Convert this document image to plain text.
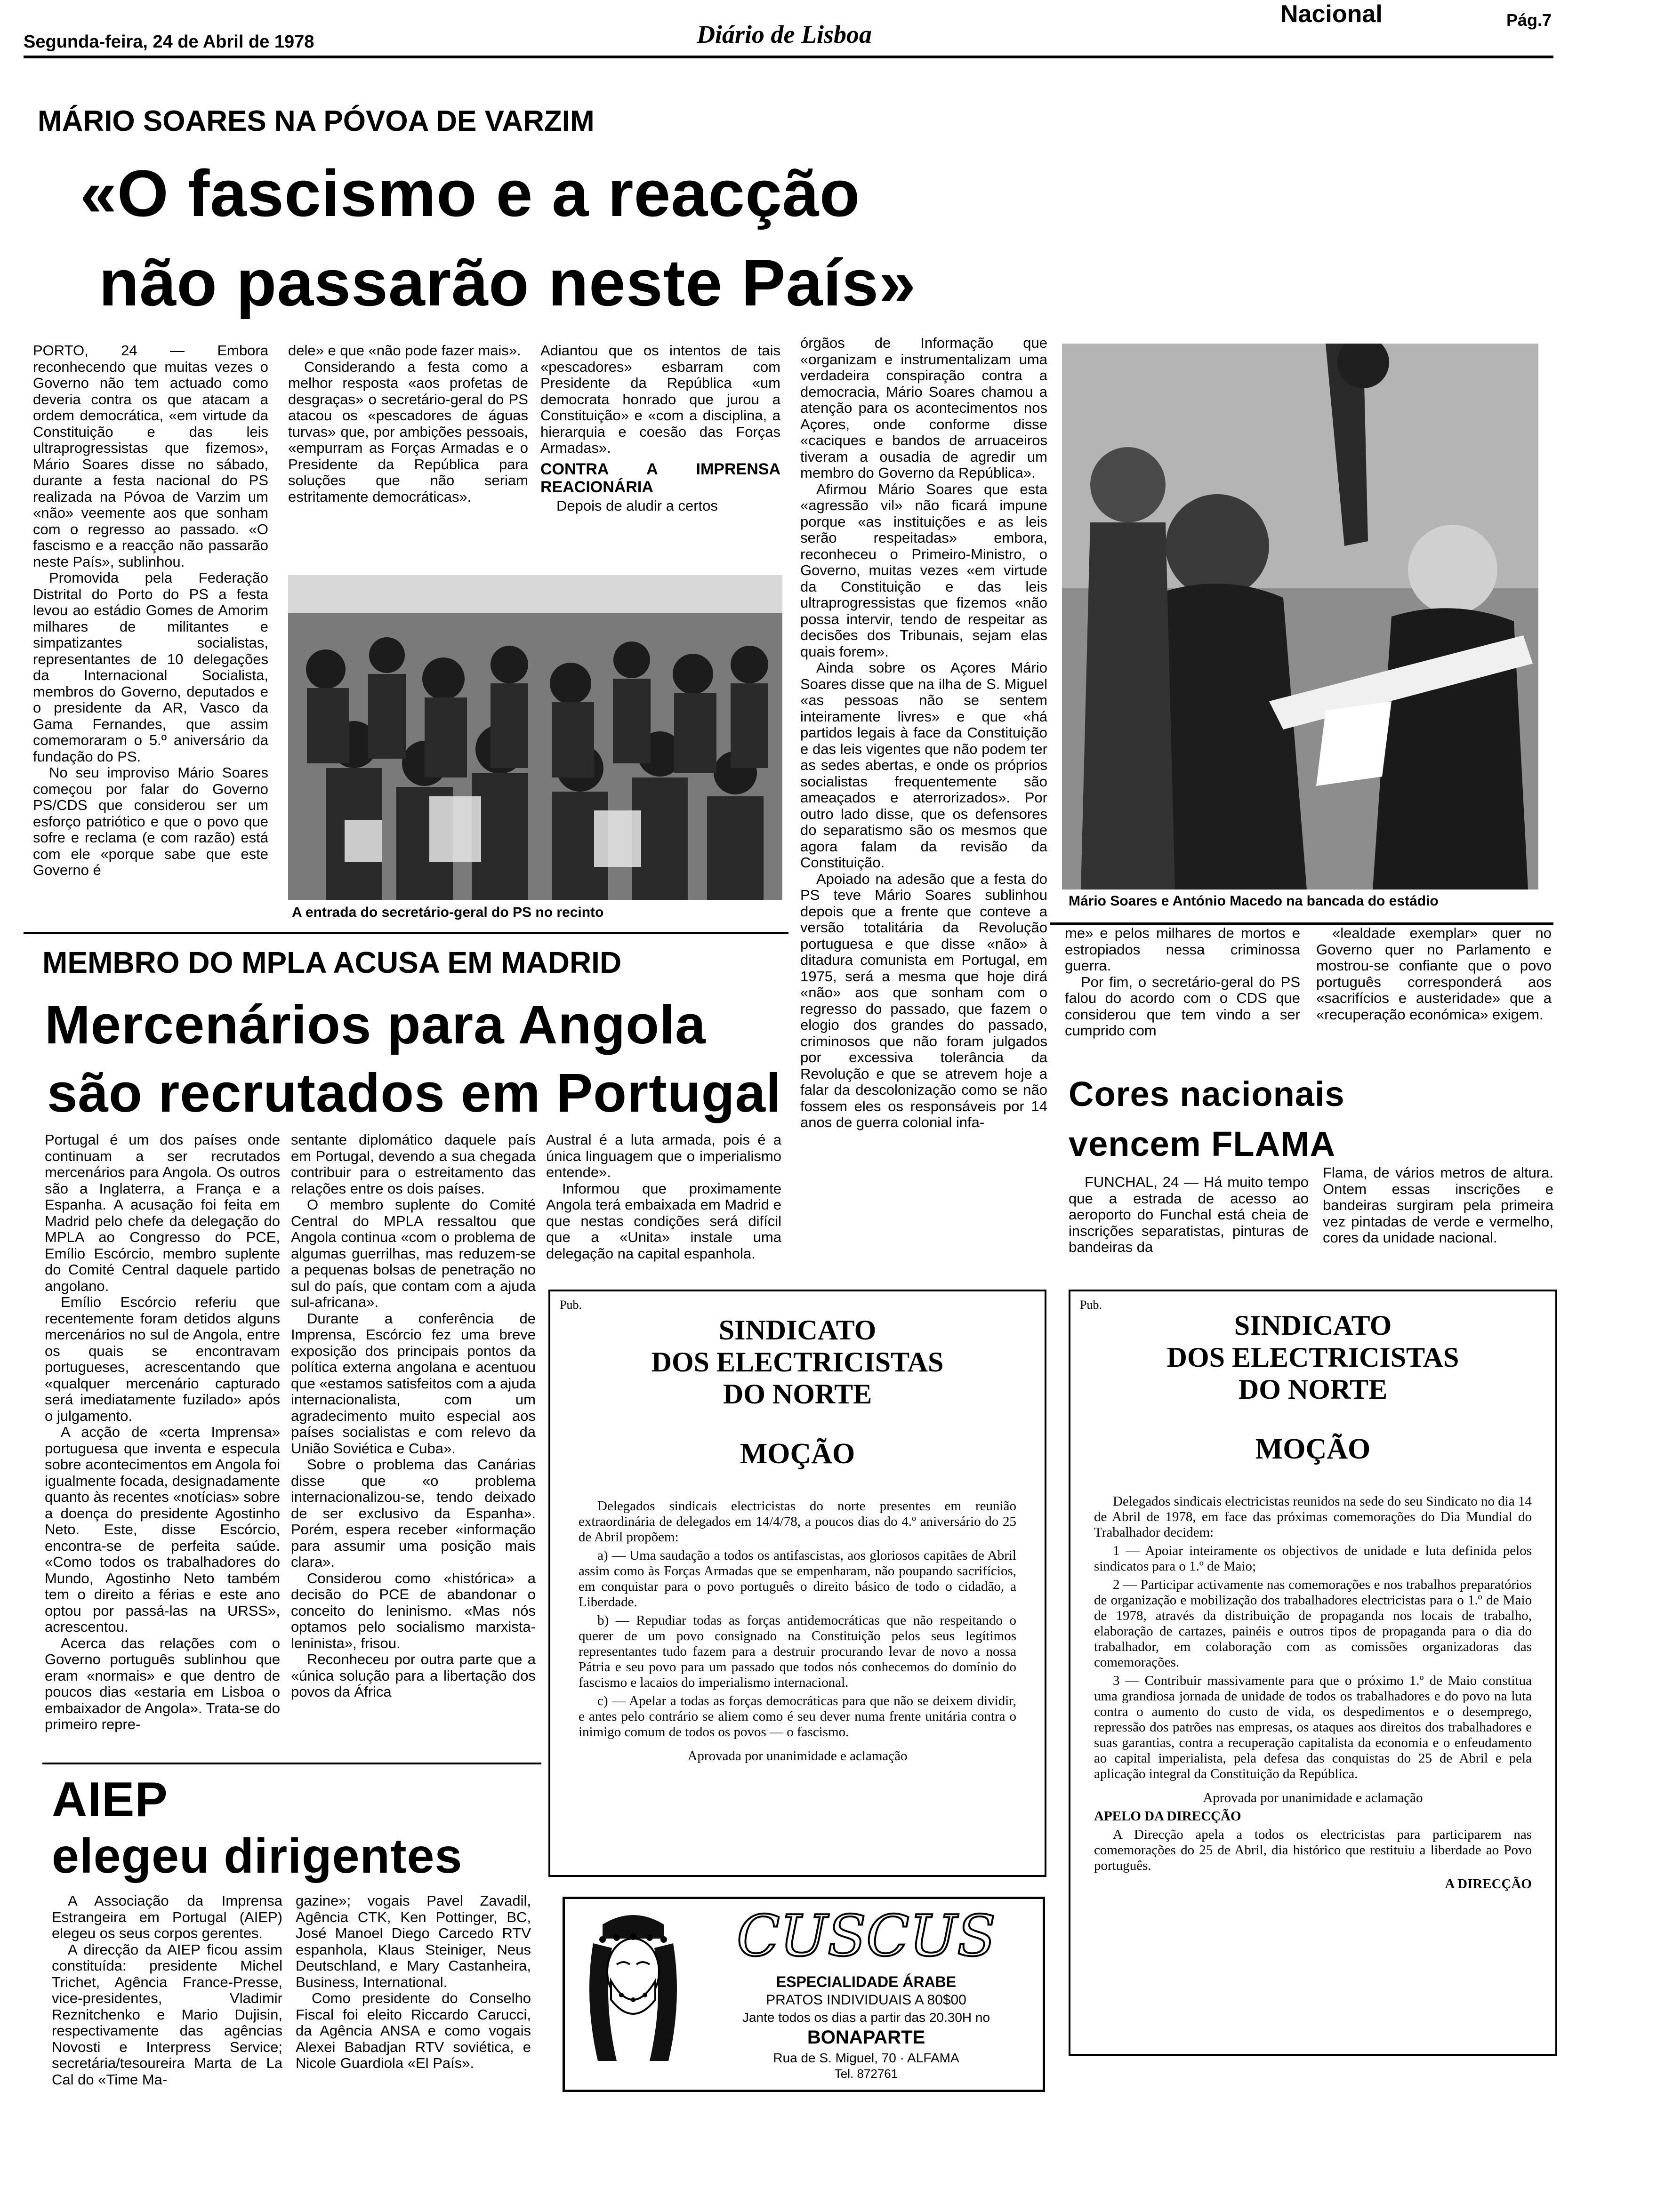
Segunda-feira, 24 de Abril de 1978	Diário de Lisboa
Nacional	Pág.7
MÁRIO SOARES NA PÓVOA DE VARZIM
«O fascismo e a reacção
não passarão neste País»

PORTO, 24 — Embora reconhecendo que muitas vezes o Governo não tem actuado como deveria contra os que atacam a ordem democrática, «em virtude da Constituição e das leis ultraprogressistas que fizemos», Mário Soares disse no sábado, durante a festa nacional do PS realizada na Póvoa de Varzim um «não» veemente aos que sonham com o regresso ao passado. «O fascismo e a reacção não passarão neste País», sublinhou.

Promovida pela Federação Distrital do Porto do PS a festa levou ao estádio Gomes de Amorim milhares de militantes e simpatizantes socialistas, representantes de 10 delegações da Internacional Socialista, membros do Governo, deputados e o presidente da AR, Vasco da Gama Fernandes, que assim comemoraram o 5.º aniversário da fundação do PS.

No seu improviso Mário Soares começou por falar do Governo PS/CDS que considerou ser um esforço patriótico e que o povo que sofre e reclama (e com razão) está com ele «porque sabe que este Governo é

dele» e que «não pode fazer mais».

Considerando a festa como a melhor resposta «aos profetas de desgraças» o secretário-geral do PS atacou os «pescadores de águas turvas» que, por ambições pessoais, «empurram as Forças Armadas e o Presidente da República para soluções que não seriam estritamente democráticas».

Adiantou que os intentos de tais «pescadores» esbarram com Presidente da República «um democrata honrado que jurou a Constituição» e «com a disciplina, a hierarquia e coesão das Forças Armadas».

CONTRA A IMPRENSA REACIONÁRIA

Depois de aludir a certos

A entrada do secretário-geral do PS no recinto

órgãos de Informação que «organizam e instrumentalizam uma verdadeira conspiração contra a democracia, Mário Soares chamou a atenção para os acontecimentos nos Açores, onde conforme disse «caciques e bandos de arruaceiros tiveram a ousadia de agredir um membro do Governo da República».

Afirmou Mário Soares que esta «agressão vil» não ficará impune porque «as instituições e as leis serão respeitadas» embora, reconheceu o Primeiro-Ministro, o Governo, muitas vezes «em virtude da Constituição e das leis ultraprogressistas que fizemos «não possa intervir, tendo de respeitar as decisões dos Tribunais, sejam elas quais forem».

Ainda sobre os Açores Mário Soares disse que na ilha de S. Miguel «as pessoas não se sentem inteiramente livres» e que «há partidos legais à face da Constituição e das leis vigentes que não podem ter as sedes abertas, e onde os próprios socialistas frequentemente são ameaçados e aterrorizados». Por outro lado disse, que os defensores do separatismo são os mesmos que agora falam da revisão da Constituição.

Apoiado na adesão que a festa do PS teve Mário Soares sublinhou depois que a frente que conteve a versão totalitária da Revolução portuguesa e que disse «não» à ditadura comunista em Portugal, em 1975, será a mesma que hoje dirá «não» aos que sonham com o regresso do passado, que fazem o elogio dos grandes do passado, criminosos que não foram julgados por excessiva tolerância da Revolução e que se atrevem hoje a falar da descolonização como se não fossem eles os responsáveis por 14 anos de guerra colonial infa-

Mário Soares e António Macedo na bancada do estádio

me» e pelos milhares de mortos e estropiados nessa criminossa guerra.

Por fim, o secretário-geral do PS falou do acordo com o CDS que considerou que tem vindo a ser cumprido com

«lealdade exemplar» quer no Governo quer no Parlamento e mostrou-se confiante que o povo português corresponderá aos «sacrifícios e austeridade» que a «recuperação económica» exigem.

MEMBRO DO MPLA ACUSA EM MADRID
Mercenários para Angola
são recrutados em Portugal

Portugal é um dos países onde continuam a ser recrutados mercenários para Angola. Os outros são a Inglaterra, a França e a Espanha. A acusação foi feita em Madrid pelo chefe da delegação do MPLA ao Congresso do PCE, Emílio Escórcio, membro suplente do Comité Central daquele partido angolano.

Emílio Escórcio referiu que recentemente foram detidos alguns mercenários no sul de Angola, entre os quais se encontravam portugueses, acrescentando que «qualquer mercenário capturado será imediatamente fuzilado» após o julgamento.

A acção de «certa Imprensa» portuguesa que inventa e especula sobre acontecimentos em Angola foi igualmente focada, designadamente quanto às recentes «notícias» sobre a doença do presidente Agostinho Neto. Este, disse Escórcio, encontra-se de perfeita saúde. «Como todos os trabalhadores do Mundo, Agostinho Neto também tem o direito a férias e este ano optou por passá-las na URSS», acrescentou.

Acerca das relações com o Governo português sublinhou que eram «normais» e que dentro de poucos dias «estaria em Lisboa o embaixador de Angola». Trata-se do primeiro repre-

sentante diplomático daquele país em Portugal, devendo a sua chegada contribuir para o estreitamento das relações entre os dois países.

O membro suplente do Comité Central do MPLA ressaltou que Angola continua «com o problema de algumas guerrilhas, mas reduzem-se a pequenas bolsas de penetração no sul do país, que contam com a ajuda sul-africana».

Durante a conferência de Imprensa, Escórcio fez uma breve exposição dos principais pontos da política externa angolana e acentuou que «estamos satisfeitos com a ajuda internacionalista, com um agradecimento muito especial aos países socialistas e com relevo da União Soviética e Cuba».

Sobre o problema das Canárias disse que «o problema internacionalizou-se, tendo deixado de ser exclusivo da Espanha». Porém, espera receber «informação para assumir uma posição mais clara».

Considerou como «histórica» a decisão do PCE de abandonar o conceito do leninismo. «Mas nós optamos pelo socialismo marxista-leninista», frisou.

Reconheceu por outra parte que a «única solução para a libertação dos povos da África

Austral é a luta armada, pois é a única linguagem que o imperialismo entende».

Informou que proximamente Angola terá embaixada em Madrid e que nestas condições será difícil que a «Unita» instale uma delegação na capital espanhola.

Cores nacionais
vencem FLAMA

FUNCHAL, 24 — Há muito tempo que a estrada de acesso ao aeroporto do Funchal está cheia de inscrições separatistas, pinturas de bandeiras da

Flama, de vários metros de altura. Ontem essas inscrições e bandeiras surgiram pela primeira vez pintadas de verde e vermelho, cores da unidade nacional.

AIEP
elegeu dirigentes

A Associação da Imprensa Estrangeira em Portugal (AIEP) elegeu os seus corpos gerentes.

A direcção da AIEP ficou assim constituída: presidente Michel Trichet, Agência France-Presse, vice-presidentes, Vladimir Reznitchenko e Mario Dujisin, respectivamente das agências Novosti e Interpress Service; secretária/tesoureira Marta de La Cal do «Time Ma-

gazine»; vogais Pavel Zavadil, Agência CTK, Ken Pottinger, BC, José Manoel Diego Carcedo RTV espanhola, Klaus Steiniger, Neus Deutschland, e Mary Castanheira, Business, International.

Como presidente do Conselho Fiscal foi eleito Riccardo Carucci, da Agência ANSA e como vogais Alexei Babadjan RTV soviética, e Nicole Guardiola «El País».

Pub.
SINDICATO
DOS ELECTRICISTAS
DO NORTE
MOÇÃO

Delegados sindicais electricistas do norte presentes em reunião extraordinária de delegados em 14/4/78, a poucos dias do 4.º aniversário do 25 de Abril propõem:

a) — Uma saudação a todos os antifascistas, aos gloriosos capitães de Abril assim como às Forças Armadas que se empenharam, não poupando sacrifícios, em conquistar para o povo português o direito básico de todo o cidadão, a Liberdade.

b) — Repudiar todas as forças antidemocráticas que não respeitando o querer de um povo consignado na Constituição pelos seus legítimos representantes tudo fazem para a destruir procurando levar de novo a nossa Pátria e seu povo para um passado que todos nós conhecemos do domínio do fascismo e lacaios do imperialismo internacional.

c) — Apelar a todas as forças democráticas para que não se deixem dividir, e antes pelo contrário se aliem como é seu dever numa frente unitária contra o inimigo comum de todos os povos — o fascismo.

Aprovada por unanimidade e aclamação

Pub.
SINDICATO
DOS ELECTRICISTAS
DO NORTE
MOÇÃO

Delegados sindicais electricistas reunidos na sede do seu Sindicato no dia 14 de Abril de 1978, em face das próximas comemorações do Dia Mundial do Trabalhador decidem:

1 — Apoiar inteiramente os objectivos de unidade e luta definida pelos sindicatos para o 1.º de Maio;

2 — Participar activamente nas comemorações e nos trabalhos preparatórios de organização e mobilização dos trabalhadores electricistas para o 1.º de Maio de 1978, através da distribuição de propaganda nos locais de trabalho, elaboração de cartazes, painéis e outros tipos de propaganda para o dia do trabalhador, em colaboração com as comissões organizadoras das comemorações.

3 — Contribuir massivamente para que o próximo 1.º de Maio constitua uma grandiosa jornada de unidade de todos os trabalhadores e do povo na luta contra o aumento do custo de vida, os despedimentos e o desemprego, repressão dos patrões nas empresas, os ataques aos direitos dos trabalhadores e suas garantias, contra a recuperação capitalista da economia e o enfeudamento ao capital imperialista, pela defesa das conquistas do 25 de Abril e pela aplicação integral da Constituição da República.

Aprovada por unanimidade e aclamação

APELO DA DIRECÇÃO

A Direcção apela a todos os electricistas para participarem nas comemorações do 25 de Abril, dia histórico que restituiu a liberdade ao Povo português.

A DIRECÇÃO

CUSCUS
ESPECIALIDADE ÁRABE
PRATOS INDIVIDUAIS A 80$00
Jante todos os dias a partir das 20.30H no
BONAPARTE
Rua de S. Miguel, 70 · ALFAMA
Tel. 872761
